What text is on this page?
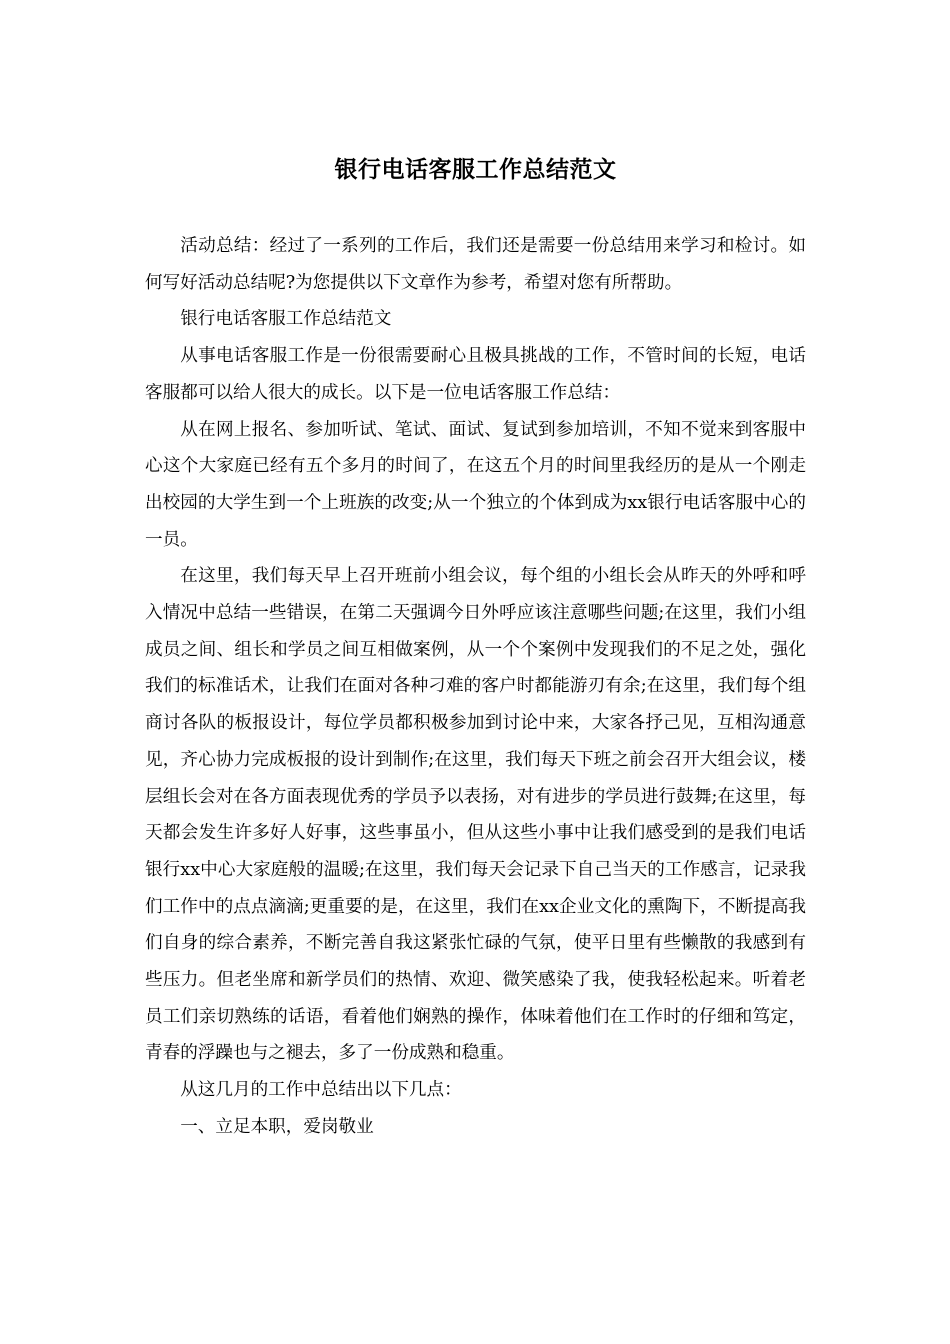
银行电话客服工作总结范文

活动总结：经过了一系列的工作后，我们还是需要一份总结用来学习和检讨。如何写好活动总结呢?为您提供以下文章作为参考，希望对您有所帮助。

银行电话客服工作总结范文

从事电话客服工作是一份很需要耐心且极具挑战的工作，不管时间的长短，电话客服都可以给人很大的成长。以下是一位电话客服工作总结：

从在网上报名、参加听试、笔试、面试、复试到参加培训，不知不觉来到客服中心这个大家庭已经有五个多月的时间了，在这五个月的时间里我经历的是从一个刚走出校园的大学生到一个上班族的改变;从一个独立的个体到成为xx银行电话客服中心的一员。

在这里，我们每天早上召开班前小组会议，每个组的小组长会从昨天的外呼和呼入情况中总结一些错误，在第二天强调今日外呼应该注意哪些问题;在这里，我们小组成员之间、组长和学员之间互相做案例，从一个个案例中发现我们的不足之处，强化我们的标准话术，让我们在面对各种刁难的客户时都能游刃有余;在这里，我们每个组商讨各队的板报设计，每位学员都积极参加到讨论中来，大家各抒己见，互相沟通意见，齐心协力完成板报的设计到制作;在这里，我们每天下班之前会召开大组会议，楼层组长会对在各方面表现优秀的学员予以表扬，对有进步的学员进行鼓舞;在这里，每天都会发生许多好人好事，这些事虽小，但从这些小事中让我们感受到的是我们电话银行xx中心大家庭般的温暖;在这里，我们每天会记录下自己当天的工作感言，记录我们工作中的点点滴滴;更重要的是，在这里，我们在xx企业文化的熏陶下，不断提高我们自身的综合素养，不断完善自我这紧张忙碌的气氛，使平日里有些懒散的我感到有些压力。但老坐席和新学员们的热情、欢迎、微笑感染了我，使我轻松起来。听着老员工们亲切熟练的话语，看着他们娴熟的操作，体味着他们在工作时的仔细和笃定，青春的浮躁也与之褪去，多了一份成熟和稳重。

从这几月的工作中总结出以下几点：

一、立足本职，爱岗敬业
